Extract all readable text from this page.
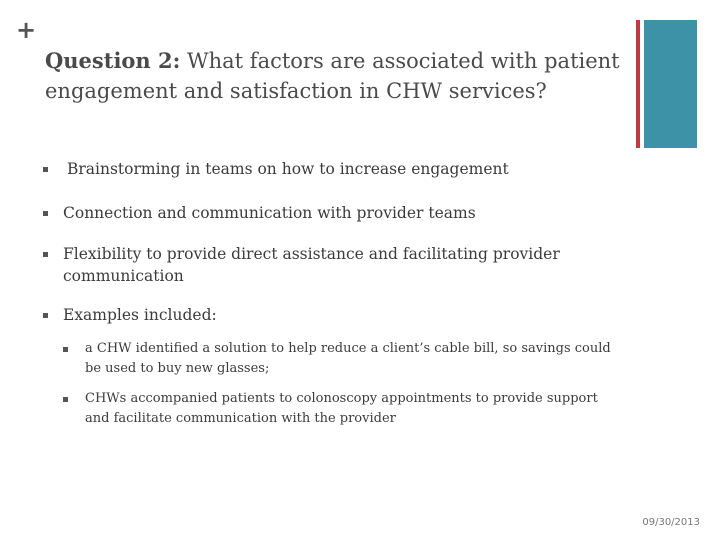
+
Question 2: What factors are associated with patient engagement and satisfaction in CHW services?
Brainstorming in teams on how to increase engagement
Connection and communication with provider teams
Flexibility to provide direct assistance and facilitating provider communication
Examples included:
a CHW identified a solution to help reduce a client’s cable bill, so savings could be used to buy new glasses;
CHWs accompanied patients to colonoscopy appointments to provide support and facilitate communication with the provider
09/30/2013
